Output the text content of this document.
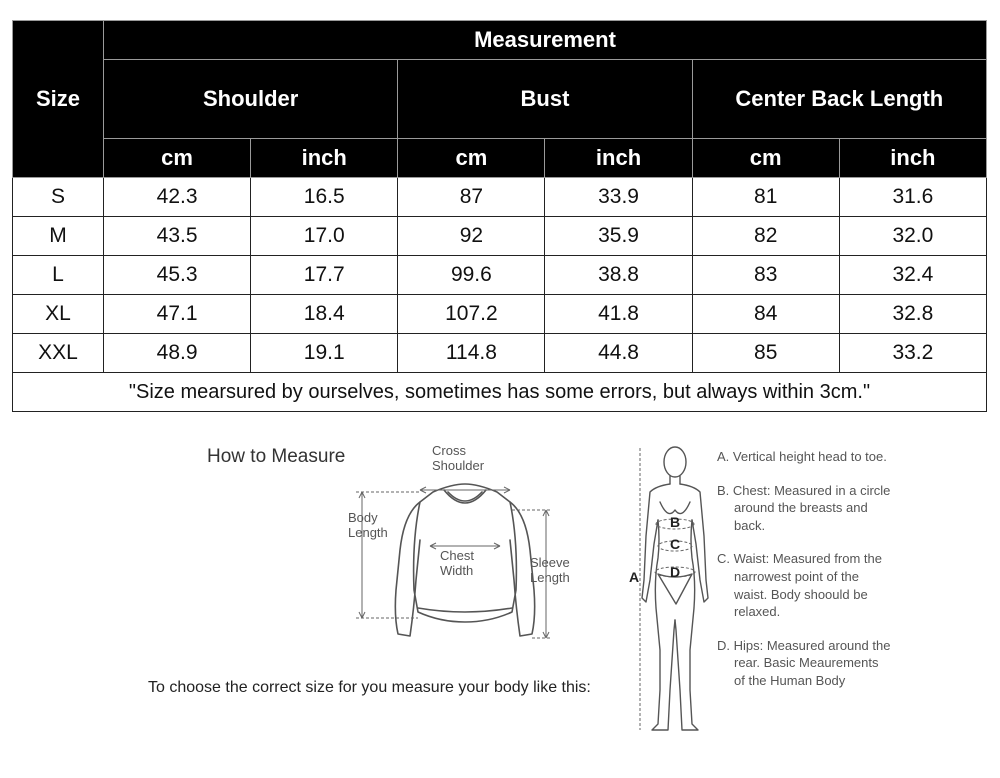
Size	Measurement					
	Shoulder		Bust		Center Back Length	
	cm	inch	cm	inch	cm	inch
S	42.3	16.5	87	33.9	81	31.6
M	43.5	17.0	92	35.9	82	32.0
L	45.3	17.7	99.6	38.8	83	32.4
XL	47.1	18.4	107.2	41.8	84	32.8
XXL	48.9	19.1	114.8	44.8	85	33.2
"Size mearsured by ourselves, sometimes has some errors, but always within 3cm."						
How to Measure	Cross Shoulder
Body Length
Chest Width
Sleeve Length
To choose the correct size for you measure your body like this:
A
B
C
D

A. Vertical height head to toe.

B. Chest: Measured in a circle around the breasts and back.

C. Waist: Measured from the narrowest point of the waist. Body shoould be relaxed.

D. Hips: Measured around the rear. Basic Meaurements of the Human Body
